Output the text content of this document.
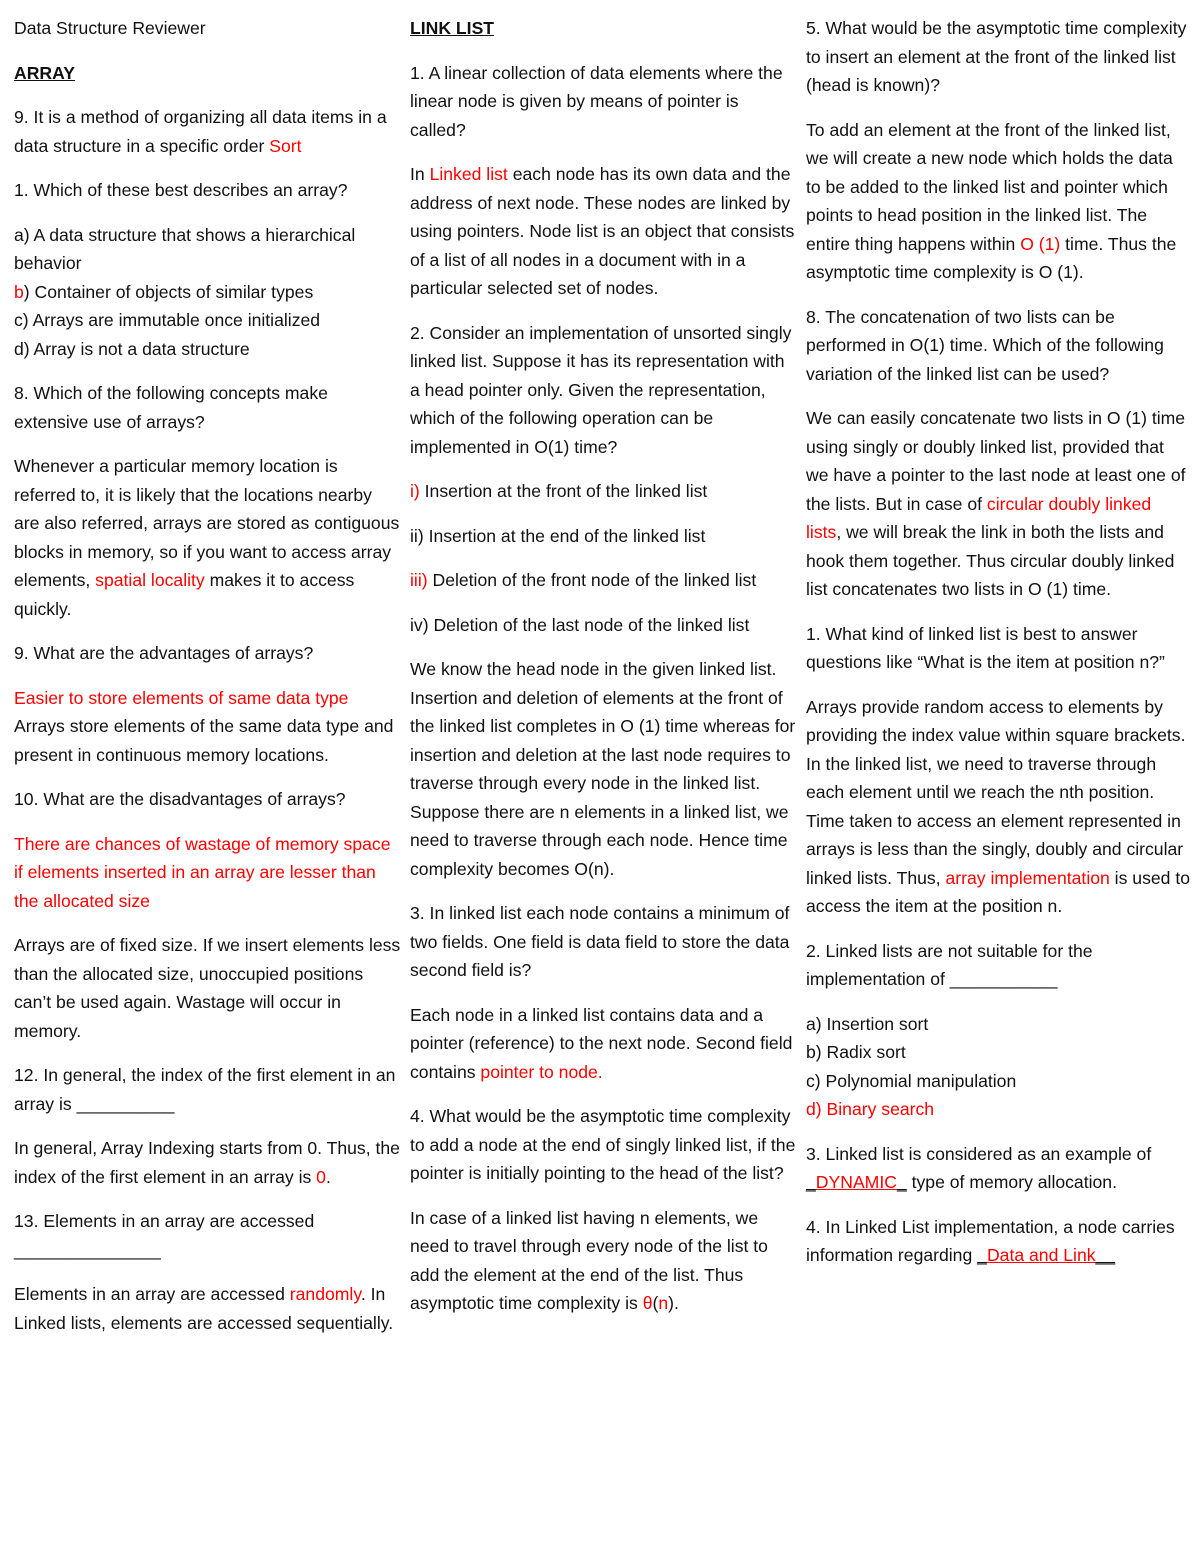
Data Structure Reviewer

ARRAY

9. It is a method of organizing all data items in a data structure in a specific order Sort

1. Which of these best describes an array?

a) A data structure that shows a hierarchical behavior
b) Container of objects of similar types
c) Arrays are immutable once initialized
d) Array is not a data structure

8. Which of the following concepts make extensive use of arrays?

Whenever a particular memory location is referred to, it is likely that the locations nearby are also referred, arrays are stored as contiguous blocks in memory, so if you want to access array elements, spatial locality makes it to access quickly.

9. What are the advantages of arrays?

Easier to store elements of same data type
Arrays store elements of the same data type and present in continuous memory locations.

10. What are the disadvantages of arrays?

There are chances of wastage of memory space if elements inserted in an array are lesser than the allocated size

Arrays are of fixed size. If we insert elements less than the allocated size, unoccupied positions can’t be used again. Wastage will occur in memory.

12. In general, the index of the first element in an array is __________

In general, Array Indexing starts from 0. Thus, the index of the first element in an array is 0.

13. Elements in an array are accessed
_______________

Elements in an array are accessed randomly. In Linked lists, elements are accessed sequentially.

LINK LIST

1. A linear collection of data elements where the linear node is given by means of pointer is called?

In Linked list each node has its own data and the address of next node. These nodes are linked by using pointers. Node list is an object that consists of a list of all nodes in a document with in a particular selected set of nodes.

2. Consider an implementation of unsorted singly linked list. Suppose it has its representation with a head pointer only. Given the representation, which of the following operation can be implemented in O(1) time?

i) Insertion at the front of the linked list

ii) Insertion at the end of the linked list

iii) Deletion of the front node of the linked list

iv) Deletion of the last node of the linked list

We know the head node in the given linked list. Insertion and deletion of elements at the front of the linked list completes in O (1) time whereas for insertion and deletion at the last node requires to traverse through every node in the linked list. Suppose there are n elements in a linked list, we need to traverse through each node. Hence time complexity becomes O(n).

3. In linked list each node contains a minimum of two fields. One field is data field to store the data second field is?

Each node in a linked list contains data and a pointer (reference) to the next node. Second field contains pointer to node.

4. What would be the asymptotic time complexity to add a node at the end of singly linked list, if the pointer is initially pointing to the head of the list?

In case of a linked list having n elements, we need to travel through every node of the list to add the element at the end of the list. Thus asymptotic time complexity is θ(n).

5. What would be the asymptotic time complexity to insert an element at the front of the linked list (head is known)?

To add an element at the front of the linked list, we will create a new node which holds the data to be added to the linked list and pointer which points to head position in the linked list. The entire thing happens within O (1) time. Thus the asymptotic time complexity is O (1).

8. The concatenation of two lists can be performed in O(1) time. Which of the following variation of the linked list can be used?

We can easily concatenate two lists in O (1) time using singly or doubly linked list, provided that we have a pointer to the last node at least one of the lists. But in case of circular doubly linked lists, we will break the link in both the lists and hook them together. Thus circular doubly linked list concatenates two lists in O (1) time.

1. What kind of linked list is best to answer questions like “What is the item at position n?”

Arrays provide random access to elements by providing the index value within square brackets. In the linked list, we need to traverse through each element until we reach the nth position. Time taken to access an element represented in arrays is less than the singly, doubly and circular linked lists. Thus, array implementation is used to access the item at the position n.

2. Linked lists are not suitable for the implementation of ___________

a) Insertion sort
b) Radix sort
c) Polynomial manipulation
d) Binary search

3. Linked list is considered as an example of _DYNAMIC_ type of memory allocation.

4. In Linked List implementation, a node carries information regarding _Data and Link__
